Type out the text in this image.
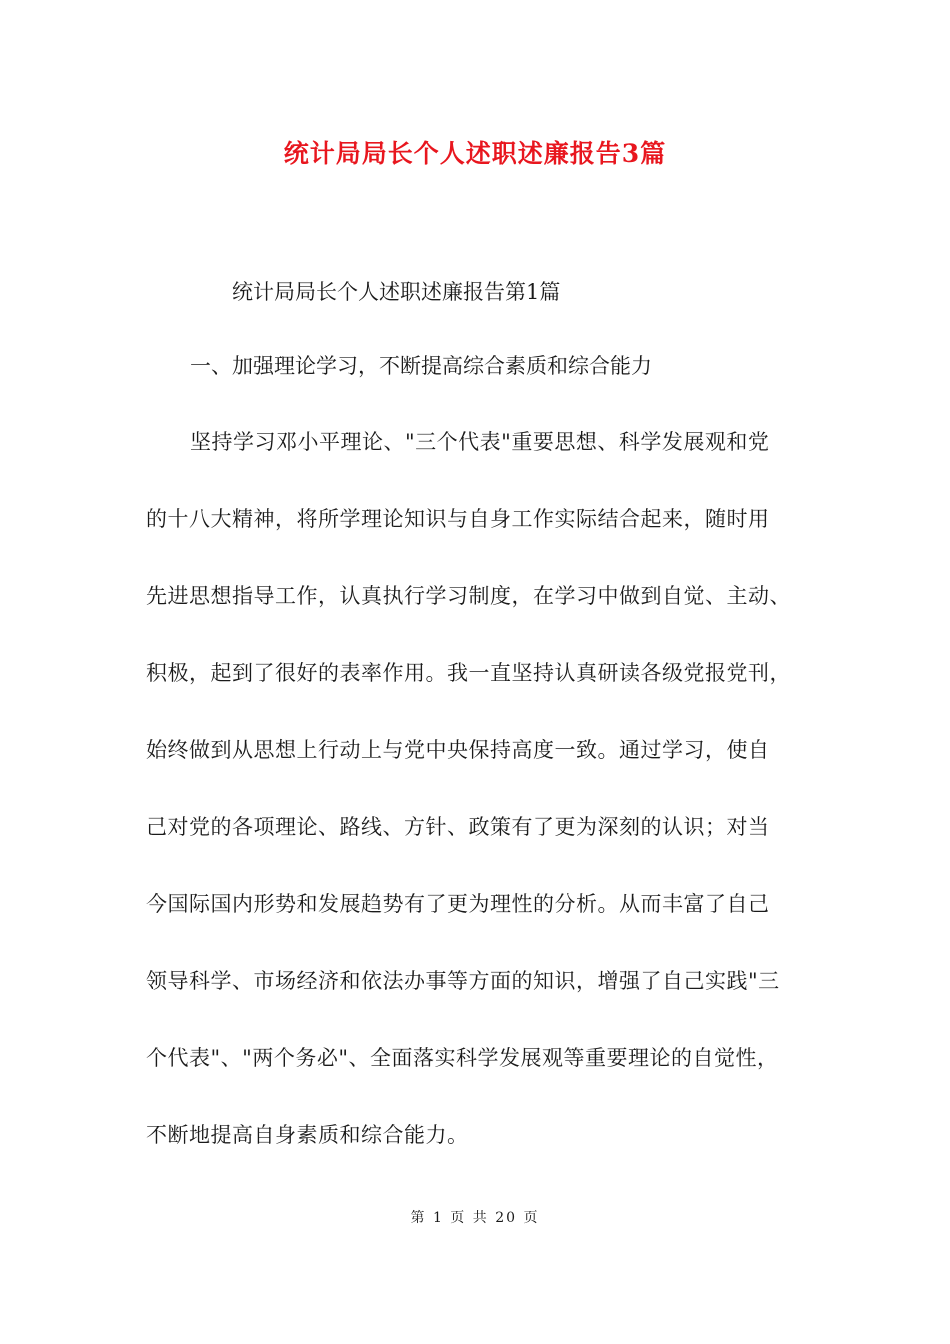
统计局局长个人述职述廉报告3篇
统计局局长个人述职述廉报告第1篇
一、加强理论学习，不断提高综合素质和综合能力
坚持学习邓小平理论、"三个代表"重要思想、科学发展观和党
的十八大精神，将所学理论知识与自身工作实际结合起来，随时用
先进思想指导工作，认真执行学习制度，在学习中做到自觉、主动、
积极，起到了很好的表率作用。我一直坚持认真研读各级党报党刊，
始终做到从思想上行动上与党中央保持高度一致。通过学习，使自
己对党的各项理论、路线、方针、政策有了更为深刻的认识；对当
今国际国内形势和发展趋势有了更为理性的分析。从而丰富了自己
领导科学、市场经济和依法办事等方面的知识，增强了自己实践"三
个代表"、"两个务必"、全面落实科学发展观等重要理论的自觉性，
不断地提高自身素质和综合能力。
第 1 页 共 20 页
